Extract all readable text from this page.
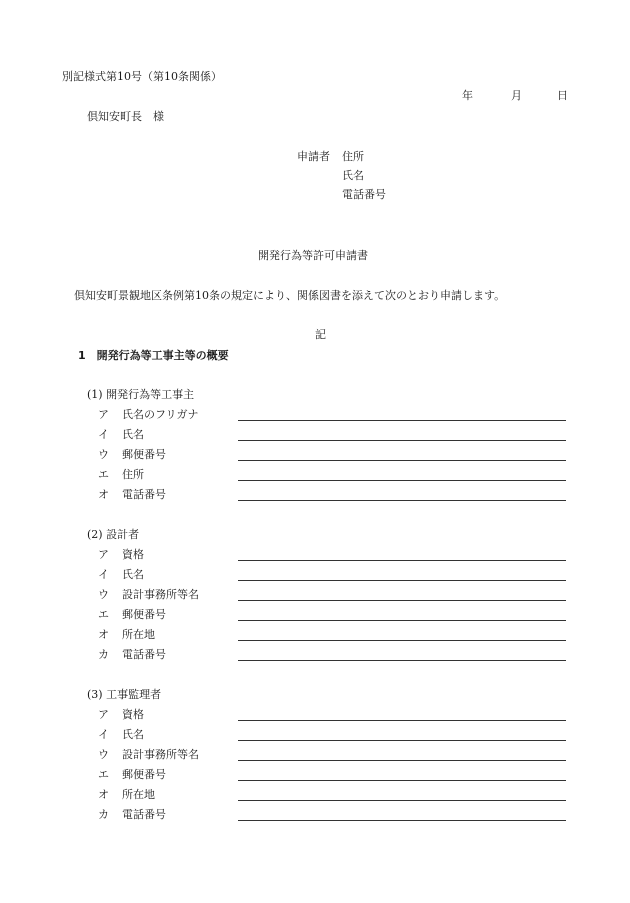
別記様式第10号（第10条関係）
年	月	日
倶知安町長　様
申請者 住所
氏名
電話番号
開発行為等許可申請書
倶知安町景観地区条例第10条の規定により、関係図書を添えて次のとおり申請します。
記
1　開発行為等工事主等の概要
(1) 開発行為等工事主
ア 氏名のフリガナ
イ 氏名
ウ 郵便番号
エ 住所
オ 電話番号
(2) 設計者
ア 資格
イ 氏名
ウ 設計事務所等名
エ 郵便番号
オ 所在地
カ 電話番号
(3) 工事監理者
ア 資格
イ 氏名
ウ 設計事務所等名
エ 郵便番号
オ 所在地
カ 電話番号
